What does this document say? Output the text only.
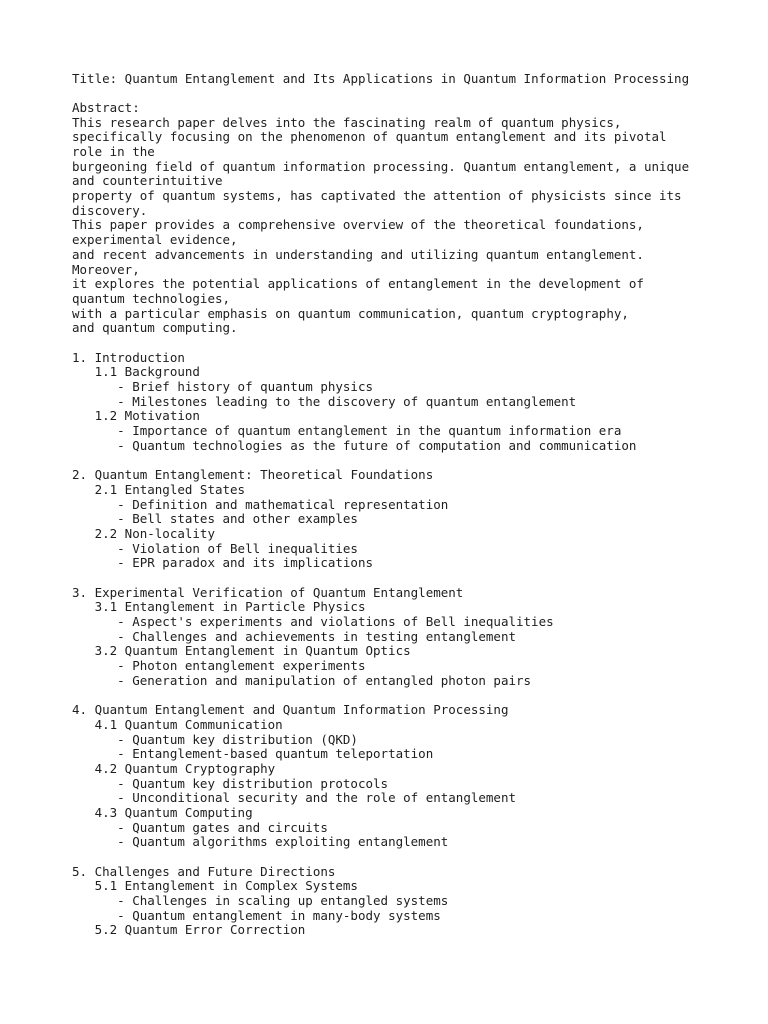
Title: Quantum Entanglement and Its Applications in Quantum Information Processing
Abstract:
This research paper delves into the fascinating realm of quantum physics,
specifically focusing on the phenomenon of quantum entanglement and its pivotal
role in the
burgeoning field of quantum information processing. Quantum entanglement, a unique
and counterintuitive
property of quantum systems, has captivated the attention of physicists since its
discovery.
This paper provides a comprehensive overview of the theoretical foundations,
experimental evidence,
and recent advancements in understanding and utilizing quantum entanglement.
Moreover,
it explores the potential applications of entanglement in the development of
quantum technologies,
with a particular emphasis on quantum communication, quantum cryptography,
and quantum computing.
1. Introduction
1.1 Background
- Brief history of quantum physics
- Milestones leading to the discovery of quantum entanglement
1.2 Motivation
- Importance of quantum entanglement in the quantum information era
- Quantum technologies as the future of computation and communication
2. Quantum Entanglement: Theoretical Foundations
2.1 Entangled States
- Definition and mathematical representation
- Bell states and other examples
2.2 Non-locality
- Violation of Bell inequalities
- EPR paradox and its implications
3. Experimental Verification of Quantum Entanglement
3.1 Entanglement in Particle Physics
- Aspect's experiments and violations of Bell inequalities
- Challenges and achievements in testing entanglement
3.2 Quantum Entanglement in Quantum Optics
- Photon entanglement experiments
- Generation and manipulation of entangled photon pairs
4. Quantum Entanglement and Quantum Information Processing
4.1 Quantum Communication
- Quantum key distribution (QKD)
- Entanglement-based quantum teleportation
4.2 Quantum Cryptography
- Quantum key distribution protocols
- Unconditional security and the role of entanglement
4.3 Quantum Computing
- Quantum gates and circuits
- Quantum algorithms exploiting entanglement
5. Challenges and Future Directions
5.1 Entanglement in Complex Systems
- Challenges in scaling up entangled systems
- Quantum entanglement in many-body systems
5.2 Quantum Error Correction
